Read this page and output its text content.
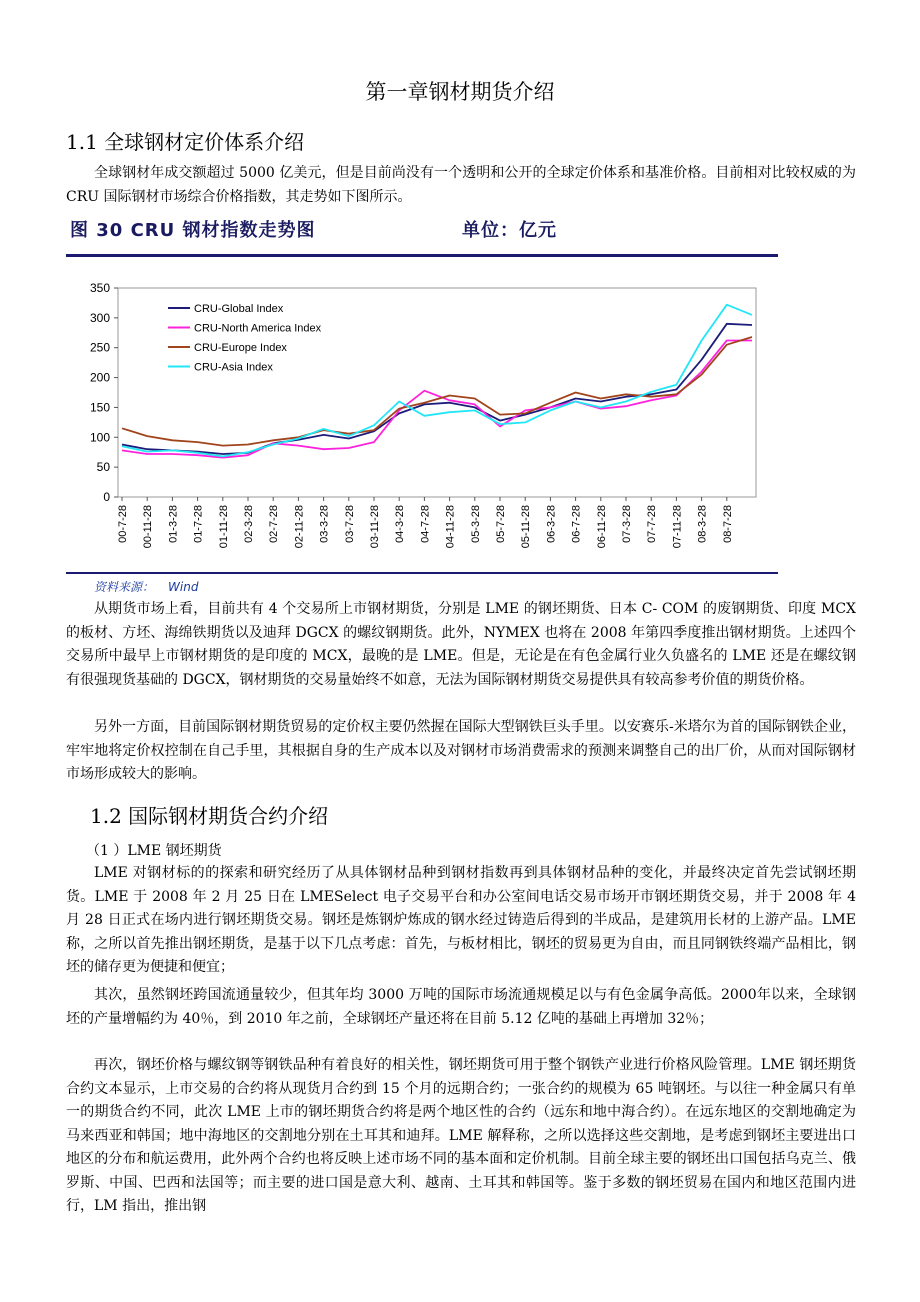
第一章钢材期货介绍
1.1 全球钢材定价体系介绍

全球钢材年成交额超过 5000 亿美元，但是目前尚没有一个透明和公开的全球定价体系和基准价格。目前相对比较权威的为 CRU 国际钢材市场综合价格指数，其走势如下图所示。

图 30 CRU 钢材指数走势图	单位：亿元

0
50
100
150
200
250
300
350
00-7-28 00-11-28 01-3-28 01-7-28 01-11-28 02-3-28 02-7-28 02-11-28 03-3-28 03-7-28 03-11-28 04-3-28 04-7-28 04-11-28 05-3-28 05-7-28 05-11-28 06-3-28 06-7-28 06-11-28 07-3-28 07-7-28 07-11-28 08-3-28 08-7-28
CRU-Global Index
CRU-North America Index
CRU-Europe Index
CRU-Asia Index

资料来源： Wind

从期货市场上看，目前共有 4 个交易所上市钢材期货，分别是 LME 的钢坯期货、日本 C- COM 的废钢期货、印度 MCX 的板材、方坯、海绵铁期货以及迪拜 DGCX 的螺纹钢期货。此外，NYMEX 也将在 2008 年第四季度推出钢材期货。上述四个交易所中最早上市钢材期货的是印度的 MCX，最晚的是 LME。但是，无论是在有色金属行业久负盛名的 LME 还是在螺纹钢有很强现货基础的 DGCX，钢材期货的交易量始终不如意，无法为国际钢材期货交易提供具有较高参考价值的期货价格。

另外一方面，目前国际钢材期货贸易的定价权主要仍然握在国际大型钢铁巨头手里。以安赛乐-米塔尔为首的国际钢铁企业，牢牢地将定价权控制在自己手里，其根据自身的生产成本以及对钢材市场消费需求的预测来调整自己的出厂价，从而对国际钢材市场形成较大的影响。

1.2 国际钢材期货合约介绍

（1 ）LME 钢坯期货

LME 对钢材标的的探索和研究经历了从具体钢材品种到钢材指数再到具体钢材品种的变化，并最终决定首先尝试钢坯期货。LME 于 2008 年 2 月 25 日在 LMESelect 电子交易平台和办公室间电话交易市场开市钢坯期货交易，并于 2008 年 4 月 28 日正式在场内进行钢坯期货交易。钢坯是炼钢炉炼成的钢水经过铸造后得到的半成品，是建筑用长材的上游产品。LME 称，之所以首先推出钢坯期货，是基于以下几点考虑：首先，与板材相比，钢坯的贸易更为自由，而且同钢铁终端产品相比，钢坯的储存更为便捷和便宜；

其次，虽然钢坯跨国流通量较少，但其年均 3000 万吨的国际市场流通规模足以与有色金属争高低。2000年以来，全球钢坯的产量增幅约为 40％，到 2010 年之前，全球钢坯产量还将在目前 5.12 亿吨的基础上再增加 32％；

再次，钢坯价格与螺纹钢等钢铁品种有着良好的相关性，钢坯期货可用于整个钢铁产业进行价格风险管理。LME 钢坯期货合约文本显示，上市交易的合约将从现货月合约到 15 个月的远期合约；一张合约的规模为 65 吨钢坯。与以往一种金属只有单一的期货合约不同，此次 LME 上市的钢坯期货合约将是两个地区性的合约（远东和地中海合约）。在远东地区的交割地确定为马来西亚和韩国；地中海地区的交割地分别在土耳其和迪拜。LME 解释称，之所以选择这些交割地，是考虑到钢坯主要进出口地区的分布和航运费用，此外两个合约也将反映上述市场不同的基本面和定价机制。目前全球主要的钢坯出口国包括乌克兰、俄罗斯、中国、巴西和法国等；而主要的进口国是意大利、越南、土耳其和韩国等。鉴于多数的钢坯贸易在国内和地区范围内进行，LM 指出，推出钢
